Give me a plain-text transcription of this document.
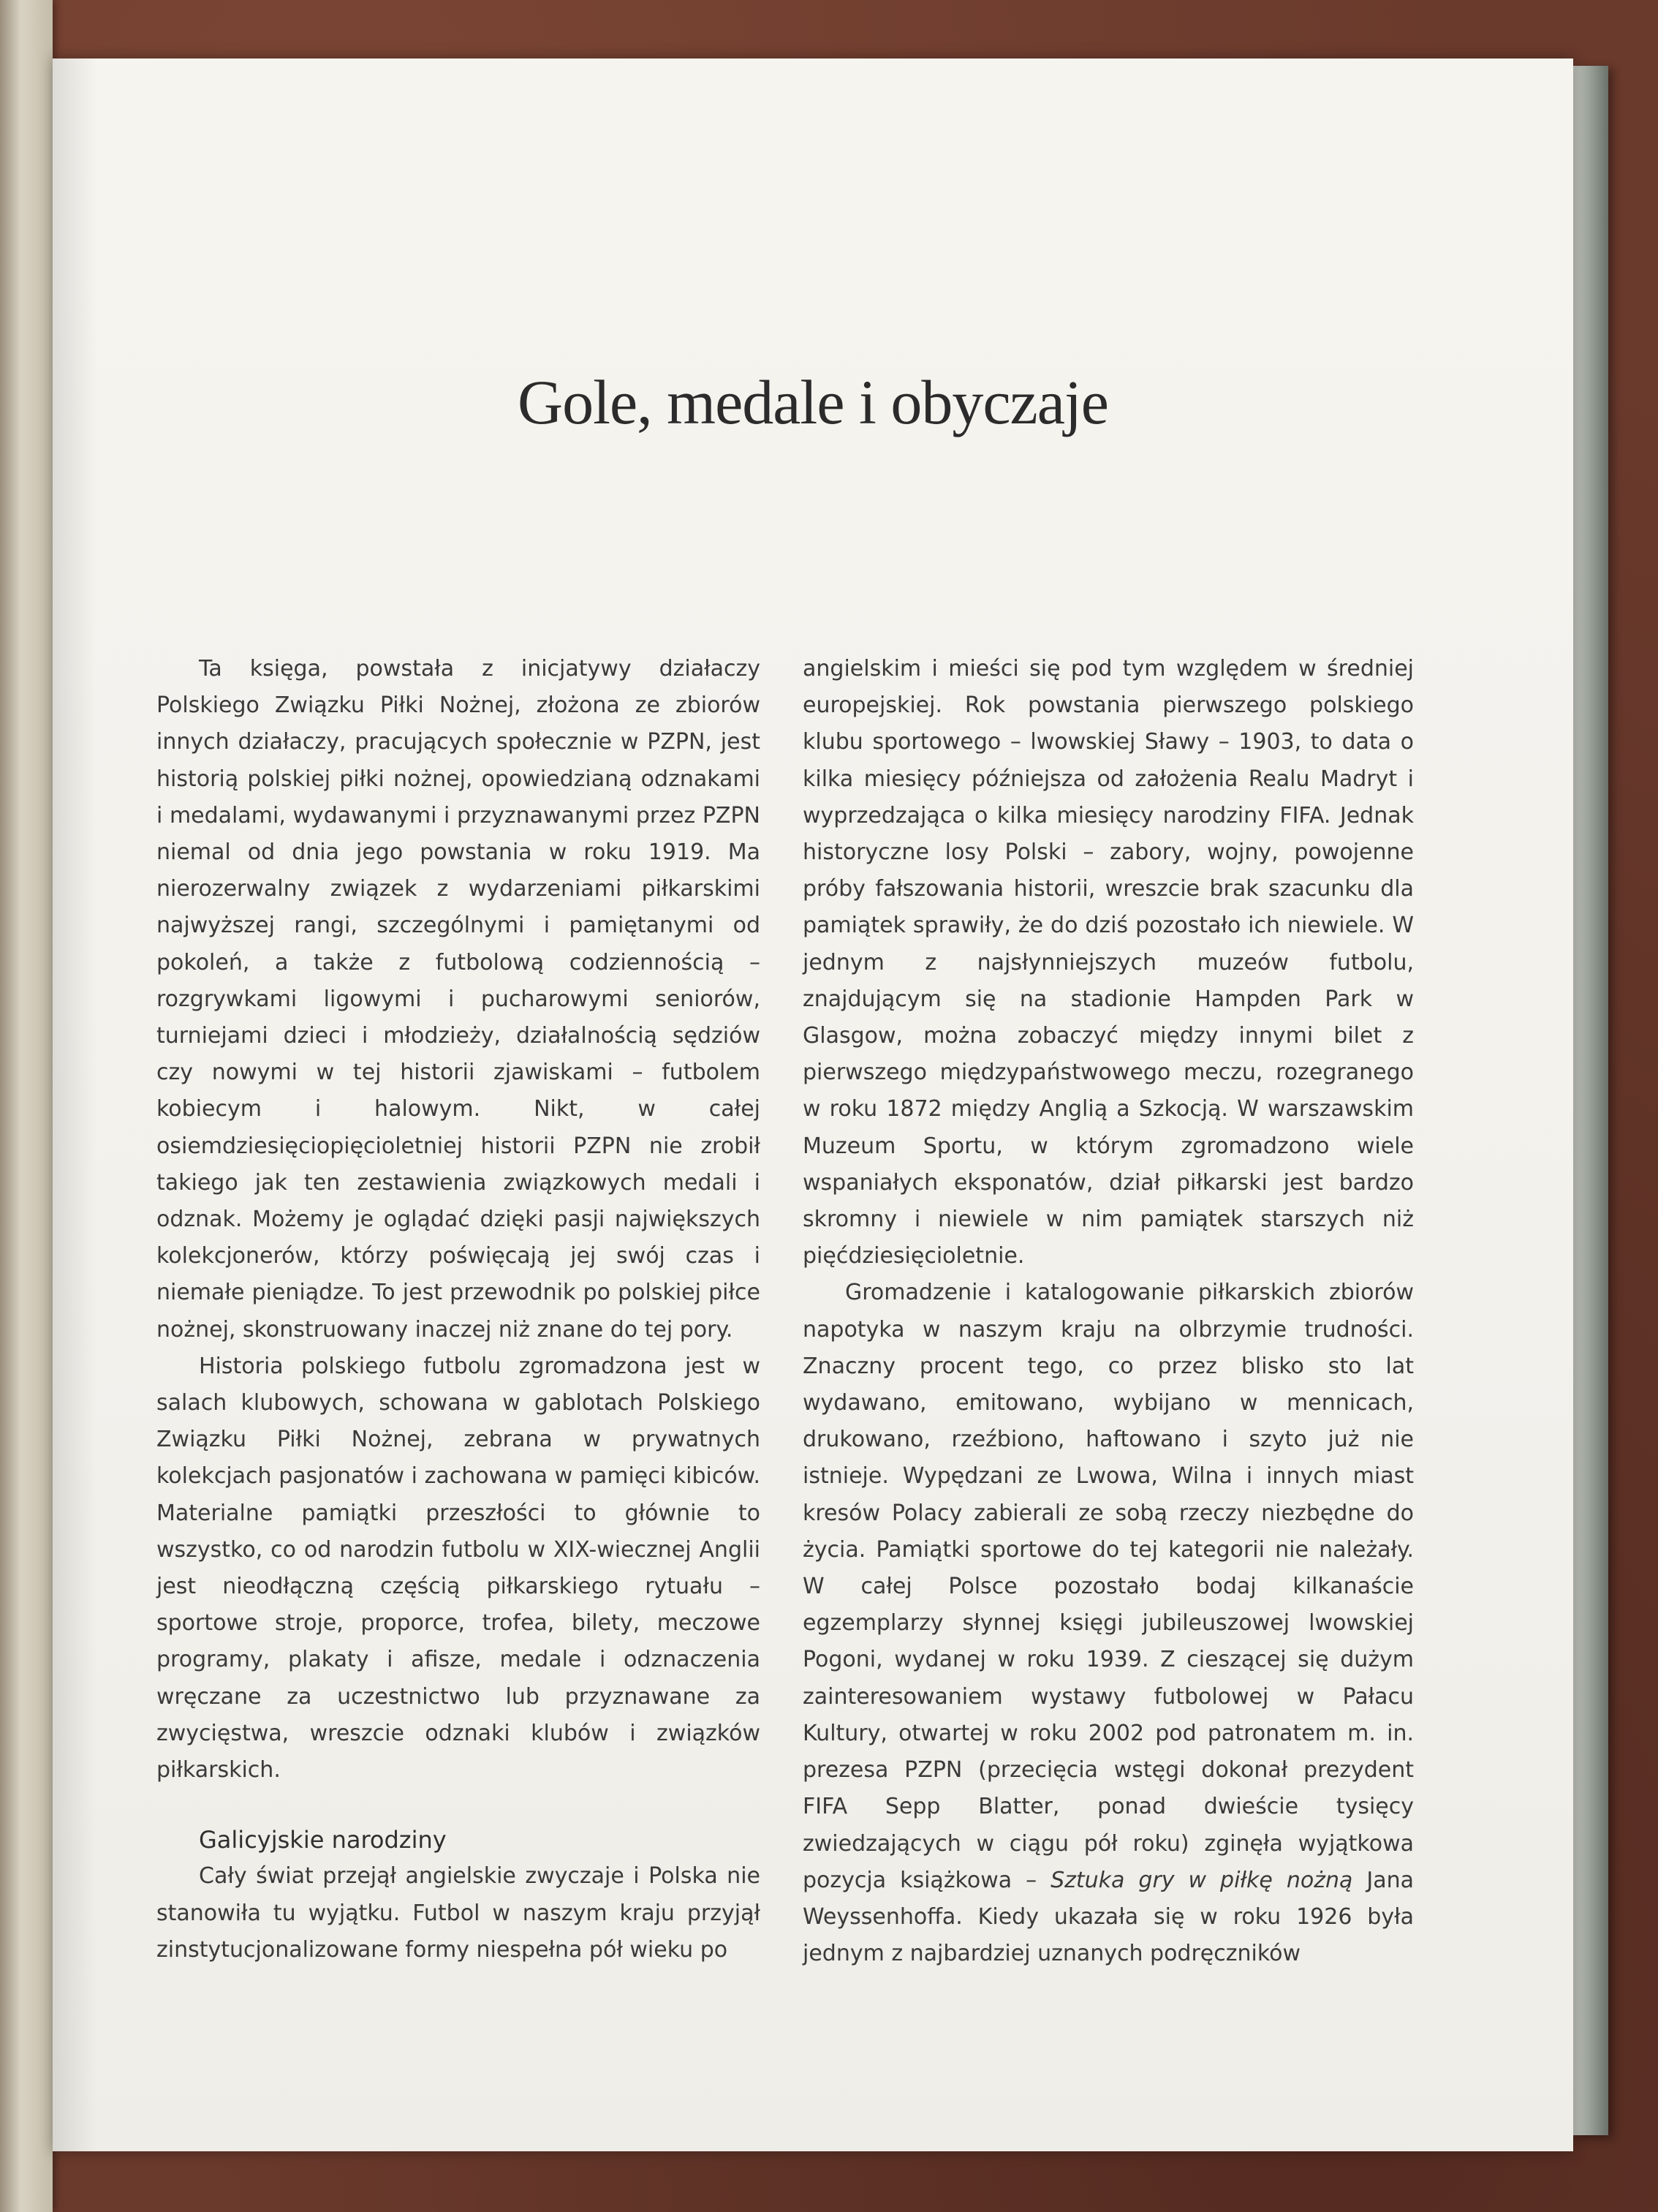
Gole, medale i obyczaje

Ta księga, powstała z inicjatywy działaczy Polskiego Związku Piłki Nożnej, złożona ze zbiorów innych działaczy, pracujących społecznie w PZPN, jest historią polskiej piłki nożnej, opowiedzianą odznakami i medalami, wydawanymi i przyznawanymi przez PZPN niemal od dnia jego powstania w roku 1919. Ma nierozerwalny związek z wydarzeniami piłkarskimi najwyższej rangi, szczególnymi i pamiętanymi od pokoleń, a także z futbolową codziennością – rozgrywkami ligowymi i pucharowymi seniorów, turniejami dzieci i młodzieży, działalnością sędziów czy nowymi w tej historii zjawiskami – futbolem kobiecym i halowym. Nikt, w całej osiemdziesięciopięcioletniej historii PZPN nie zrobił takiego jak ten zestawienia związkowych medali i odznak. Możemy je oglądać dzięki pasji największych kolekcjonerów, którzy poświęcają jej swój czas i niemałe pieniądze. To jest przewodnik po polskiej piłce nożnej, skonstruowany inaczej niż znane do tej pory.

Historia polskiego futbolu zgromadzona jest w salach klubowych, schowana w gablotach Polskiego Związku Piłki Nożnej, zebrana w prywatnych kolekcjach pasjonatów i zachowana w pamięci kibiców. Materialne pamiątki przeszłości to głównie to wszystko, co od narodzin futbolu w XIX-wiecznej Anglii jest nieodłączną częścią piłkarskiego rytuału – sportowe stroje, proporce, trofea, bilety, meczowe programy, plakaty i afisze, medale i odznaczenia wręczane za uczestnictwo lub przyznawane za zwycięstwa, wreszcie odznaki klubów i związków piłkarskich.

Galicyjskie narodziny

Cały świat przejął angielskie zwyczaje i Polska nie stanowiła tu wyjątku. Futbol w naszym kraju przyjął zinstytucjonalizowane formy niespełna pół wieku po

angielskim i mieści się pod tym względem w średniej europejskiej. Rok powstania pierwszego polskiego klubu sportowego – lwowskiej Sławy – 1903, to data o kilka miesięcy późniejsza od założenia Realu Madryt i wyprzedzająca o kilka miesięcy narodziny FIFA. Jednak historyczne losy Polski – zabory, wojny, powojenne próby fałszowania historii, wreszcie brak szacunku dla pamiątek sprawiły, że do dziś pozostało ich niewiele. W jednym z najsłynniejszych muzeów futbolu, znajdującym się na stadionie Hampden Park w Glasgow, można zobaczyć między innymi bilet z pierwszego międzypaństwowego meczu, rozegranego w roku 1872 między Anglią a Szkocją. W warszawskim Muzeum Sportu, w którym zgromadzono wiele wspaniałych eksponatów, dział piłkarski jest bardzo skromny i niewiele w nim pamiątek starszych niż pięćdziesięcioletnie.

Gromadzenie i katalogowanie piłkarskich zbiorów napotyka w naszym kraju na olbrzymie trudności. Znaczny procent tego, co przez blisko sto lat wydawano, emitowano, wybijano w mennicach, drukowano, rzeźbiono, haftowano i szyto już nie istnieje. Wypędzani ze Lwowa, Wilna i innych miast kresów Polacy zabierali ze sobą rzeczy niezbędne do życia. Pamiątki sportowe do tej kategorii nie należały. W całej Polsce pozostało bodaj kilkanaście egzemplarzy słynnej księgi jubileuszowej lwowskiej Pogoni, wydanej w roku 1939. Z cieszącej się dużym zainteresowaniem wystawy futbolowej w Pałacu Kultury, otwartej w roku 2002 pod patronatem m. in. prezesa PZPN (przecięcia wstęgi dokonał prezydent FIFA Sepp Blatter, ponad dwieście tysięcy zwiedzających w ciągu pół roku) zginęła wyjątkowa pozycja książkowa – Sztuka gry w piłkę nożną Jana Weyssenhoffa. Kiedy ukazała się w roku 1926 była jednym z najbardziej uznanych podręczników
